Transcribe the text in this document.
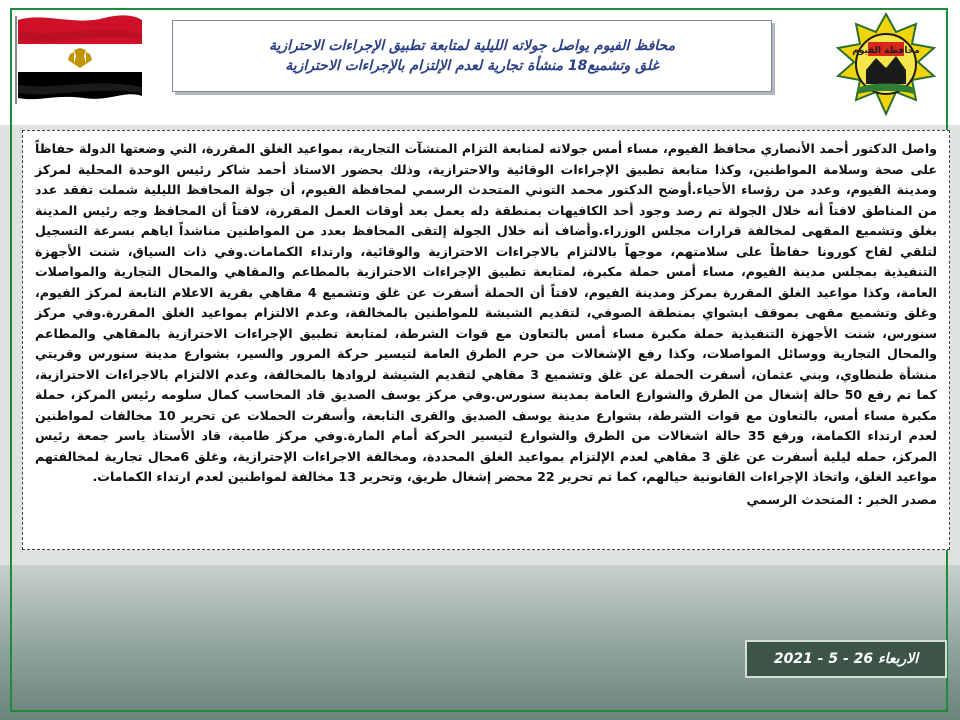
محافظة الفيوم
محافظ الفيوم يواصل جولاته الليلية لمتابعة تطبيق الإجراءات الاحترازية
غلق وتشميع18 منشأة تجارية لعدم الإلتزام بالإجراءات الاحترازية

واصل الدكتور أحمد الأنصاري محافظ الفيوم، مساء أمس جولاته لمتابعة التزام المنشآت التجارية، بمواعيد الغلق المقررة، التي وضعتها الدولة حفاظاً على صحة وسلامة المواطنين، وكذا متابعة تطبيق الإجراءات الوقائية والاحترازية، وذلك بحضور الاستاذ أحمد شاكر رئيس الوحدة المحلية لمركز ومدينة الفيوم، وعدد من رؤساء الأحياء.أوضح الدكتور محمد التوني المتحدث الرسمي لمحافظة الفيوم، أن جولة المحافظ الليلية شملت تفقد عدد من المناطق لافتاً أنه خلال الجولة تم رصد وجود أحد الكافيهات بمنطقة دله يعمل بعد أوقات العمل المقررة، لافتاً أن المحافظ وجه رئيس المدينة بغلق وتشميع المقهى لمخالفة قرارات مجلس الوزراء.وأضاف أنه خلال الجولة إلتقى المحافظ بعدد من المواطنين مناشداً اياهم بسرعة التسجيل لتلقي لقاح كورونا حفاظاً على سلامتهم، موجهاً بالالتزام بالاجراءات الاحترازية والوقائية، وارتداء الكمامات.وفي ذات السياق، شنت الأجهزة التنفيذية بمجلس مدينة الفيوم، مساء أمس حملة مكبرة، لمتابعة تطبيق الإجراءات الاحترازية بالمطاعم والمقاهي والمحال التجارية والمواصلات العامة، وكذا مواعيد الغلق المقررة بمركز ومدينة الفيوم، لافتاً أن الحملة أسفرت عن غلق وتشميع 4 مقاهي بقرية الاعلام التابعة لمركز الفيوم، وغلق وتشميع مقهى بموقف ابشواي بمنطقة الصوفي، لتقديم الشيشة للمواطنين بالمخالفة، وعدم الالتزام بمواعيد الغلق المقررة.وفي مركز سنورس، شنت الأجهزة التنفيذية حملة مكبرة مساء أمس بالتعاون مع قوات الشرطة، لمتابعة تطبيق الإجراءات الاحترازية بالمقاهي والمطاعم والمحال التجارية ووسائل المواصلات، وكذا رفع الإشغالات من حرم الطرق العامة لتيسير حركة المرور والسير، بشوارع مدينة سنورس وقريتي منشأة طنطاوي، وبني عثمان، أسفرت الحملة عن غلق وتشميع 3 مقاهي لتقديم الشيشة لروادها بالمخالفة، وعدم الالتزام بالاجراءات الاحترازية، كما تم رفع 50 حالة إشغال من الطرق والشوارع العامة بمدينة سنورس.وفي مركز يوسف الصديق قاد المحاسب كمال سلومه رئيس المركز، حملة مكبرة مساء أمس، بالتعاون مع قوات الشرطة، بشوارع مدينة يوسف الصديق والقرى التابعة، وأسفرت الحملات عن تحرير 10 مخالفات لمواطنين لعدم ارتداء الكمامة، ورفع 35 حالة اشغالات من الطرق والشوارع لتيسير الحركة أمام المارة.وفي مركز طامية، قاد الأستاذ ياسر جمعة رئيس المركز، حمله ليلية أسفرت عن غلق 3 مقاهي لعدم الإلتزام بمواعيد الغلق المحددة، ومخالفة الاجراءات الإحترازية، وغلق 6محال تجارية لمخالفتهم مواعيد الغلق، واتخاذ الإجراءات القانونية حيالهم، كما تم تحرير 22 محضر إشغال طريق، وتحرير 13 مخالفة لمواطنين لعدم ارتداء الكمامات.

مصدر الخبر : المتحدث الرسمي

الاربعاء 26 - 5 - 2021
